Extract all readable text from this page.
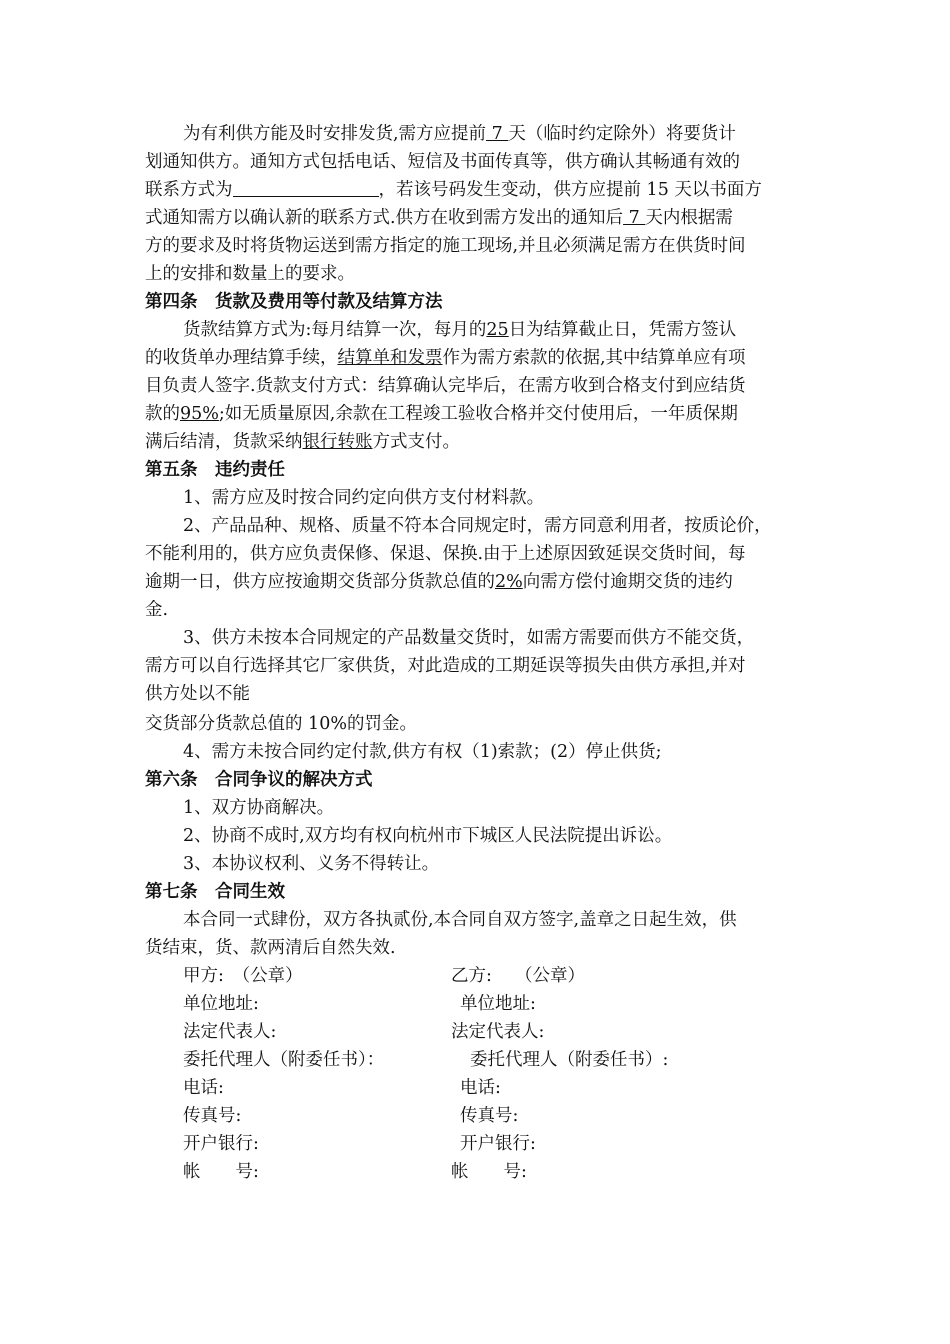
为有利供方能及时安排发货,需方应提前 7 天（临时约定除外）将要货计
划通知供方。通知方式包括电话、短信及书面传真等，供方确认其畅通有效的
联系方式为	，若该号码发生变动，供方应提前 15 天以书面方
式通知需方以确认新的联系方式.供方在收到需方发出的通知后 7 天内根据需
方的要求及时将货物运送到需方指定的施工现场,并且必须满足需方在供货时间
上的安排和数量上的要求。
第四条　货款及费用等付款及结算方法
货款结算方式为:每月结算一次，每月的25日为结算截止日，凭需方签认
的收货单办理结算手续，结算单和发票作为需方索款的依据,其中结算单应有项
目负责人签字.货款支付方式：结算确认完毕后，在需方收到合格支付到应结货
款的95%;如无质量原因,余款在工程竣工验收合格并交付使用后，一年质保期
满后结清，货款采纳银行转账方式支付。
第五条　违约责任
1、需方应及时按合同约定向供方支付材料款。
2、产品品种、规格、质量不符本合同规定时，需方同意利用者，按质论价，
不能利用的，供方应负责保修、保退、保换.由于上述原因致延误交货时间，每
逾期一日，供方应按逾期交货部分货款总值的2%向需方偿付逾期交货的违约
金.
3、供方未按本合同规定的产品数量交货时，如需方需要而供方不能交货，
需方可以自行选择其它厂家供货，对此造成的工期延误等损失由供方承担,并对
供方处以不能
交货部分货款总值的 10%的罚金。
4、需方未按合同约定付款,供方有权（1)索款；(2）停止供货;
第六条　合同争议的解决方式
1、双方协商解决。
2、协商不成时,双方均有权向杭州市下城区人民法院提出诉讼。
3、本协议权利、义务不得转让。
第七条　合同生效
本合同一式肆份，双方各执贰份,本合同自双方签字,盖章之日起生效，供
货结束，货、款两清后自然失效.
甲方:　（公章）	乙方:　 （公章）
单位地址:	单位地址:
法定代表人:	法定代表人:
委托代理人（附委任书）：	委托代理人（附委任书）:
电话:	电话:
传真号:	传真号:
开户银行:	开户银行:
帐　　号:	帐　　号:
